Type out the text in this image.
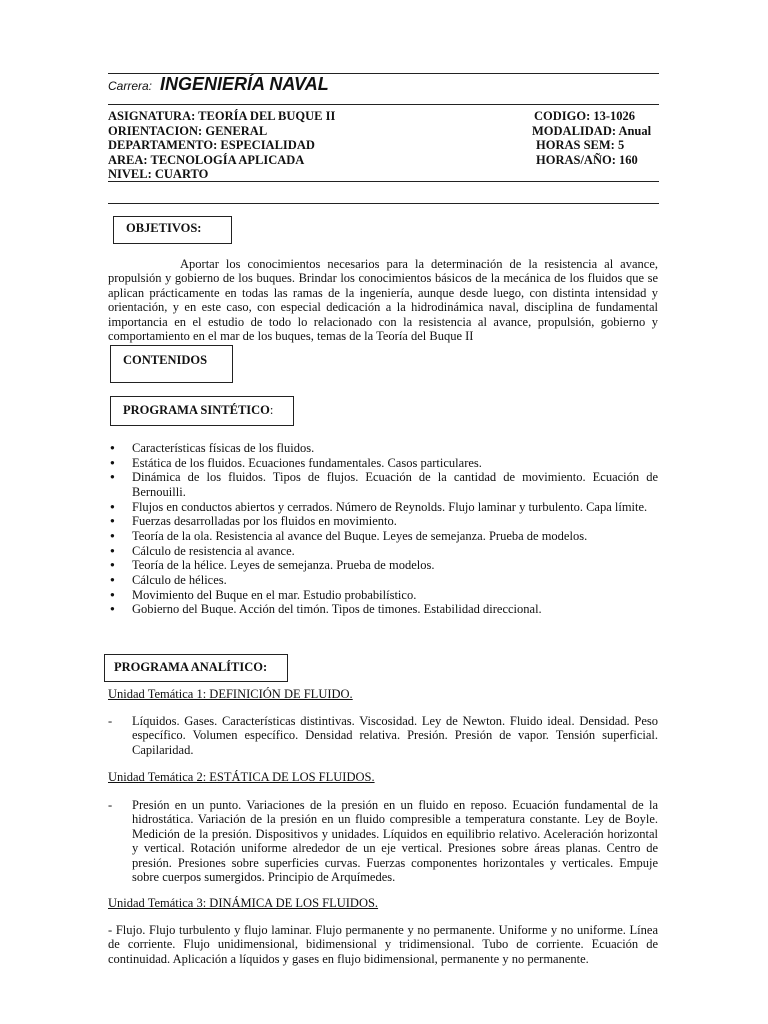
Carrera: INGENIERÍA NAVAL
ASIGNATURA: TEORÍA DEL BUQUE II
ORIENTACION: GENERAL
DEPARTAMENTO: ESPECIALIDAD
AREA: TECNOLOGÍA APLICADA
NIVEL: CUARTO
CODIGO: 13-1026
MODALIDAD: Anual
HORAS SEM: 5
HORAS/AÑO: 160
OBJETIVOS:
Aportar los conocimientos necesarios para la determinación de la resistencia al avance, propulsión y gobierno de los buques. Brindar los conocimientos básicos de la mecánica de los fluidos que se aplican prácticamente en todas las ramas de la ingeniería, aunque desde luego, con distinta intensidad y orientación, y en este caso, con especial dedicación a la hidrodinámica naval, disciplina de fundamental importancia en el estudio de todo lo relacionado con la resistencia al avance, propulsión, gobierno y comportamiento en el mar de los buques, temas de la Teoría del Buque II
CONTENIDOS
PROGRAMA SINTÉTICO:
● Características físicas de los fluidos.
● Estática de los fluidos. Ecuaciones fundamentales. Casos particulares.
● Dinámica de los fluidos. Tipos de flujos. Ecuación de la cantidad de movimiento. Ecuación de Bernouilli.
● Flujos en conductos abiertos y cerrados. Número de Reynolds. Flujo laminar y turbulento. Capa límite.
● Fuerzas desarrolladas por los fluidos en movimiento.
● Teoría de la ola. Resistencia al avance del Buque. Leyes de semejanza. Prueba de modelos.
● Cálculo de resistencia al avance.
● Teoría de la hélice. Leyes de semejanza. Prueba de modelos.
● Cálculo de hélices.
● Movimiento del Buque en el mar. Estudio probabilístico.
● Gobierno del Buque. Acción del timón. Tipos de timones. Estabilidad direccional.
PROGRAMA ANALÍTICO:
Unidad Temática 1: DEFINICIÓN DE FLUIDO.
- Líquidos. Gases. Características distintivas. Viscosidad. Ley de Newton. Fluido ideal. Densidad. Peso específico. Volumen específico. Densidad relativa. Presión. Presión de vapor. Tensión superficial. Capilaridad.
Unidad Temática 2: ESTÁTICA DE LOS FLUIDOS.
- Presión en un punto. Variaciones de la presión en un fluido en reposo. Ecuación fundamental de la hidrostática. Variación de la presión en un fluido compresible a temperatura constante. Ley de Boyle. Medición de la presión. Dispositivos y unidades. Líquidos en equilibrio relativo. Aceleración horizontal y vertical. Rotación uniforme alrededor de un eje vertical. Presiones sobre áreas planas. Centro de presión. Presiones sobre superficies curvas. Fuerzas componentes horizontales y verticales. Empuje sobre cuerpos sumergidos. Principio de Arquímedes.
Unidad Temática 3: DINÁMICA DE LOS FLUIDOS.
- Flujo. Flujo turbulento y flujo laminar. Flujo permanente y no permanente. Uniforme y no uniforme. Línea de corriente. Flujo unidimensional, bidimensional y tridimensional. Tubo de corriente. Ecuación de continuidad. Aplicación a líquidos y gases en flujo bidimensional, permanente y no permanente.
